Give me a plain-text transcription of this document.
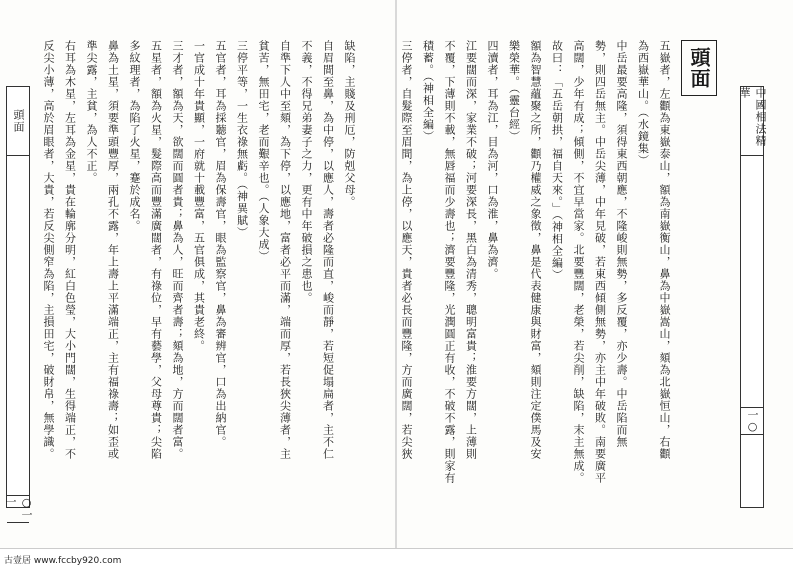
頭面
○一一

缺陷，主賤及刑厄，防剋父母。

自眉間至鼻，為中停，以應人，壽者必隆而直，峻而靜，若短促塌扁者，主不仁

不義，不得兄弟妻子之力，更有中年破損之患也。

自準下人中至頦，為下停，以應地，富者必平而滿，端而厚，若長狹尖薄者，主

貧苦，無田宅，老而艱辛也。（人象大成）

三停平等，一生衣祿無虧。（神異賦）

五官者，耳為採聽官，眉為保壽官，眼為監察官，鼻為審辨官，口為出納官。

一官成十年貴顯，一府就十載豐富，五官俱成，其貴老終。

三才者，額為天，欲闊而圓者貴；鼻為人，旺而齊者壽；頦為地，方而闊者富。

五星者，額為火星，髮際高而豐滿廣闊者，有祿位，早有藝學，父母尊貴；尖陷

多紋理者，為陷了火星，蹇於成名。

鼻為土星，須要準頭豐厚，兩孔不露，年上壽上平滿端正，主有福祿壽；如歪或

準尖露，主貧，為人不正。

右耳為木星，左耳為金星，貴在輪廓分明，紅白色瑩，大小門闊，生得端正，不

反尖小薄，高於眉眼者，大貴，若反尖側窄為陷，主損田宅，破財帛，無學識。	頭面

五嶽者，左顴為東嶽泰山，額為南嶽衡山，鼻為中嶽嵩山，頦為北嶽恒山，右顴

為西嶽華山。（水鏡集）

中岳最要高隆，須得東西朝應，不隆峻則無勢，多反覆，亦少壽。中岳陷而無

勢，則四岳無主。中岳尖薄，中年見破，若東西傾側無勢，亦主中年破敗。南要廣平

高闊，少年有成；傾側，不宜早當家。北要豐闊，老榮，若尖削，缺陷，末主無成。

故曰：「五岳朝拱，福自天來。」（神相全編）

額為智慧蘊聚之所，顴乃權威之象徵，鼻是代表健康與財富，頦則注定僕馬及安

樂榮華。（靈台經）

四瀆者，耳為江，目為河，口為淮，鼻為濟。

江要闊而深，家業不破；河要深長，黑白為清秀，聰明富貴；淮要方闊，上薄則

不覆，下薄則不載，無唇福而少壽也；濟要豐隆，光潤圓正有收，不破不露，則家有

積蓄。（神相全編）

三停者，自髮際至眉間，為上停，以應天，貴者必長而豐隆，方而廣闊，若尖狹	中國相法精華
一○
古壹居 www.fccby920.com
